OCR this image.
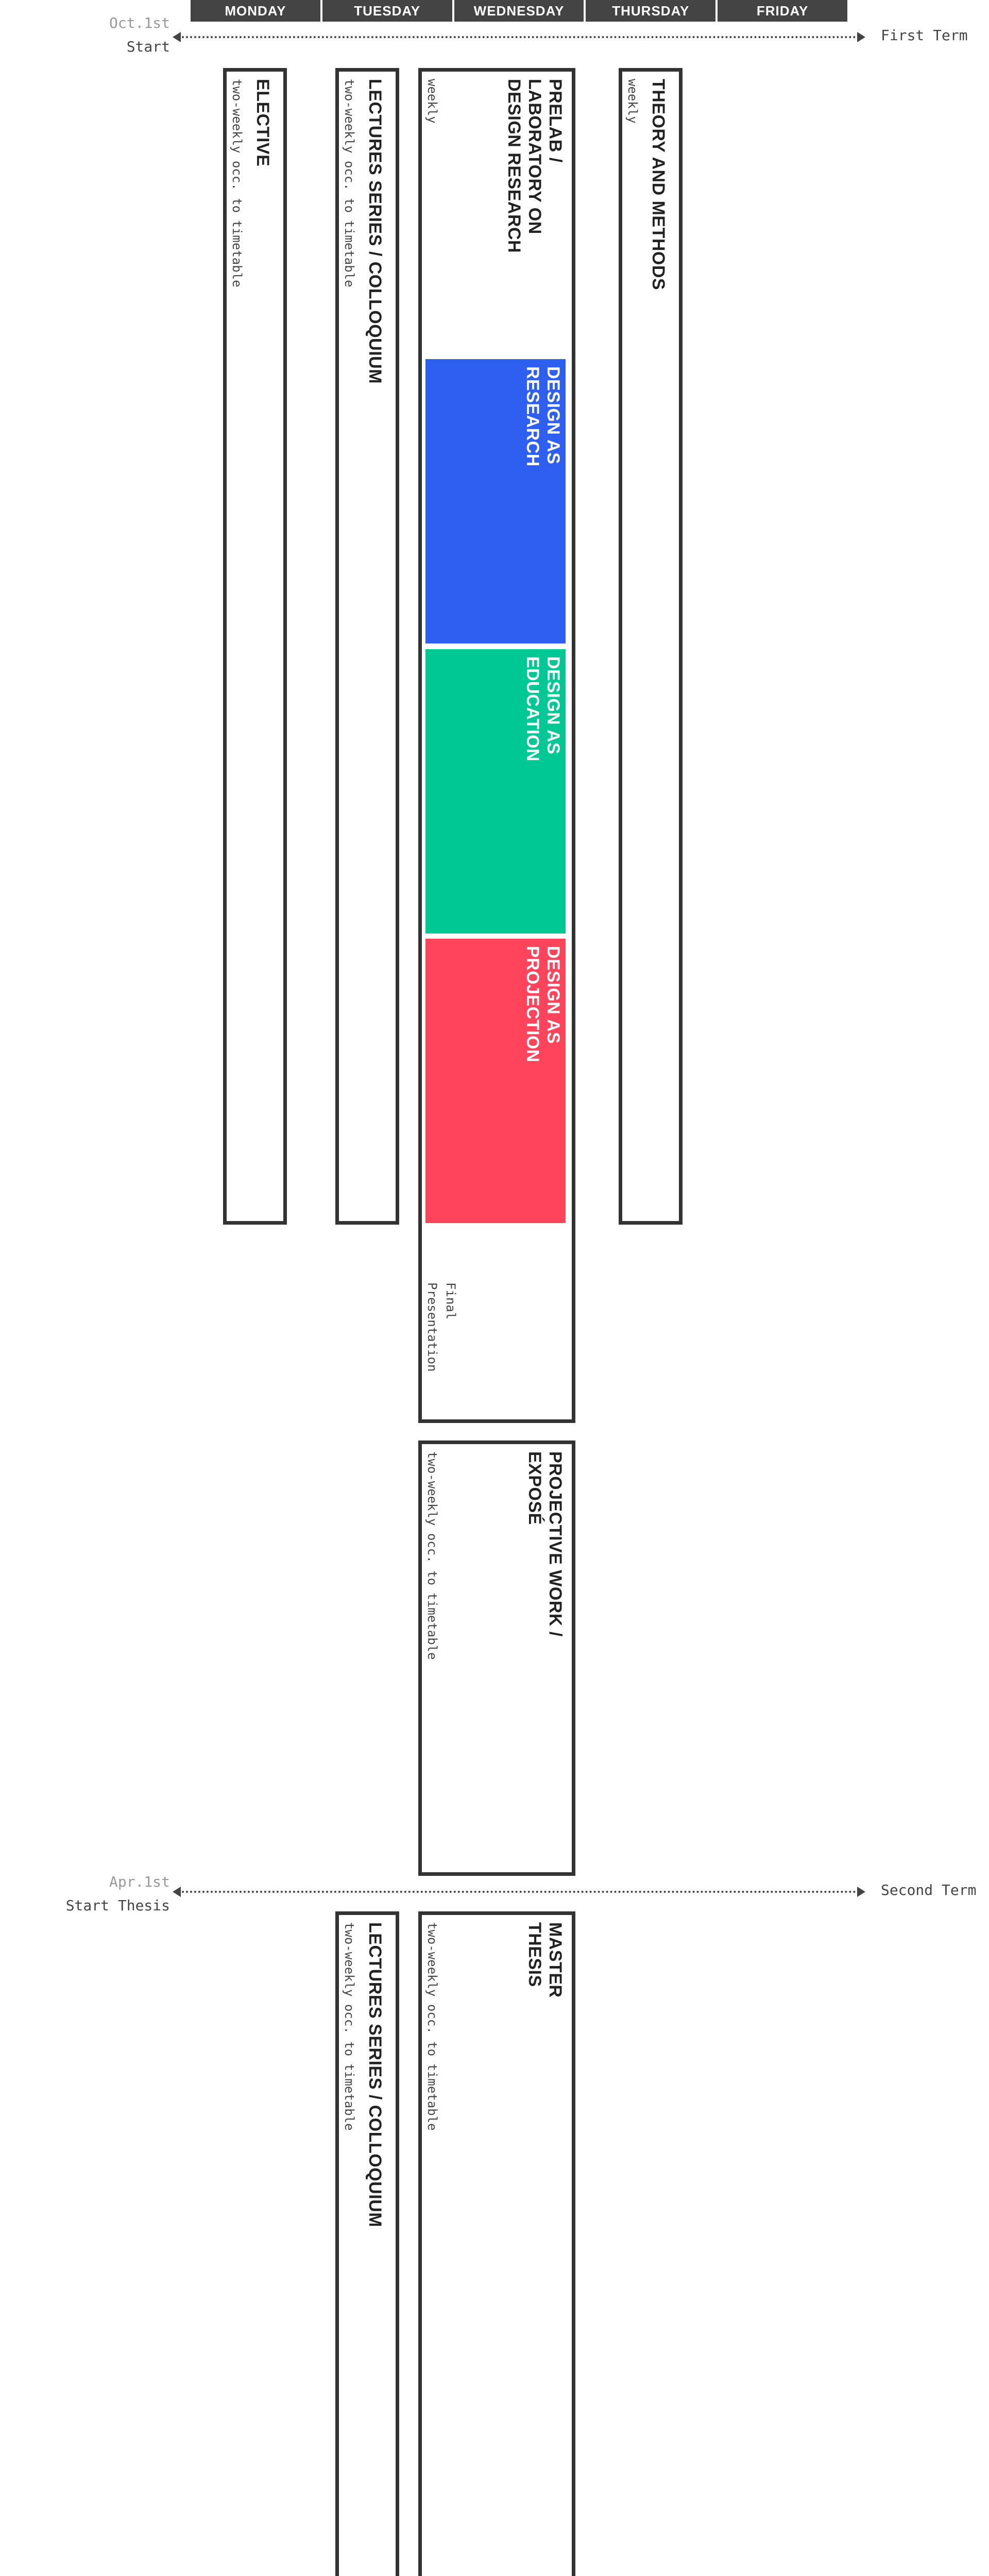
MONDAY	TUESDAY	WEDNESDAY	THURSDAY	FRIDAY
Oct.1st
Start
First Term
ELECTIVE
two-weekly occ. to timetable	LECTURES SERIES / COLLOQUIUM
two-weekly occ. to timetable	PRELAB /
LABORATORY ON
DESIGN RESEARCH
weekly
Presentation Final
DESIGN AS
RESEARCH
DESIGN AS
EDUCATION
DESIGN AS
PROJECTION
THEORY AND METHODS
weekly
PROJECTIVE WORK /
EXPOSÉ
two-weekly occ. to timetable
Apr.1st
Start Thesis
Second Term
LECTURES SERIES / COLLOQUIUM
two-weekly occ. to timetable	MASTER
THESIS
two-weekly occ. to timetable
